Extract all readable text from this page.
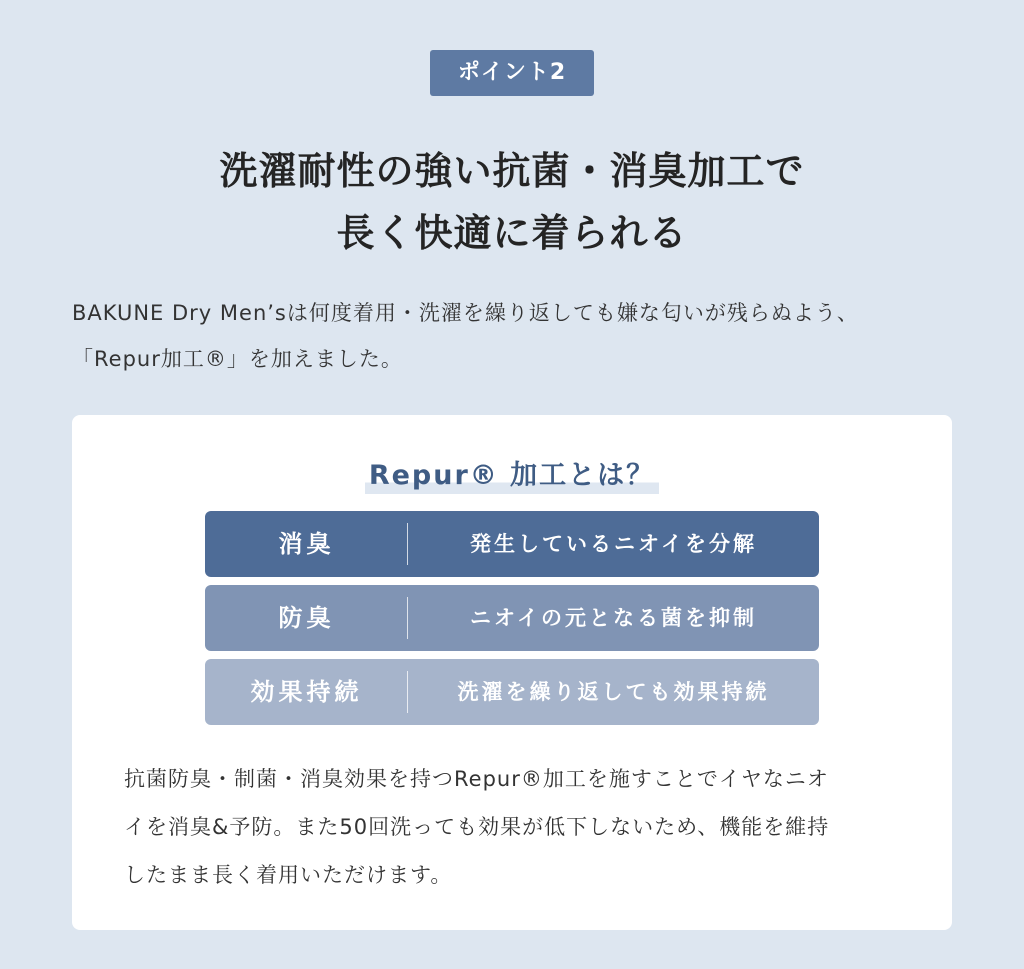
ポイント2
洗濯耐性の強い抗菌・消臭加工で
長く快適に着られる
BAKUNE Dry Men’sは何度着用・洗濯を繰り返しても嫌な匂いが残らぬよう、
「Repur加工®」を加えました。
Repur® 加工とは？
消臭	発生しているニオイを分解
防臭	ニオイの元となる菌を抑制
効果持続	洗濯を繰り返しても効果持続
抗菌防臭・制菌・消臭効果を持つRepur®加工を施すことでイヤなニオ
イを消臭&予防。また50回洗っても効果が低下しないため、機能を維持
したまま長く着用いただけます。
